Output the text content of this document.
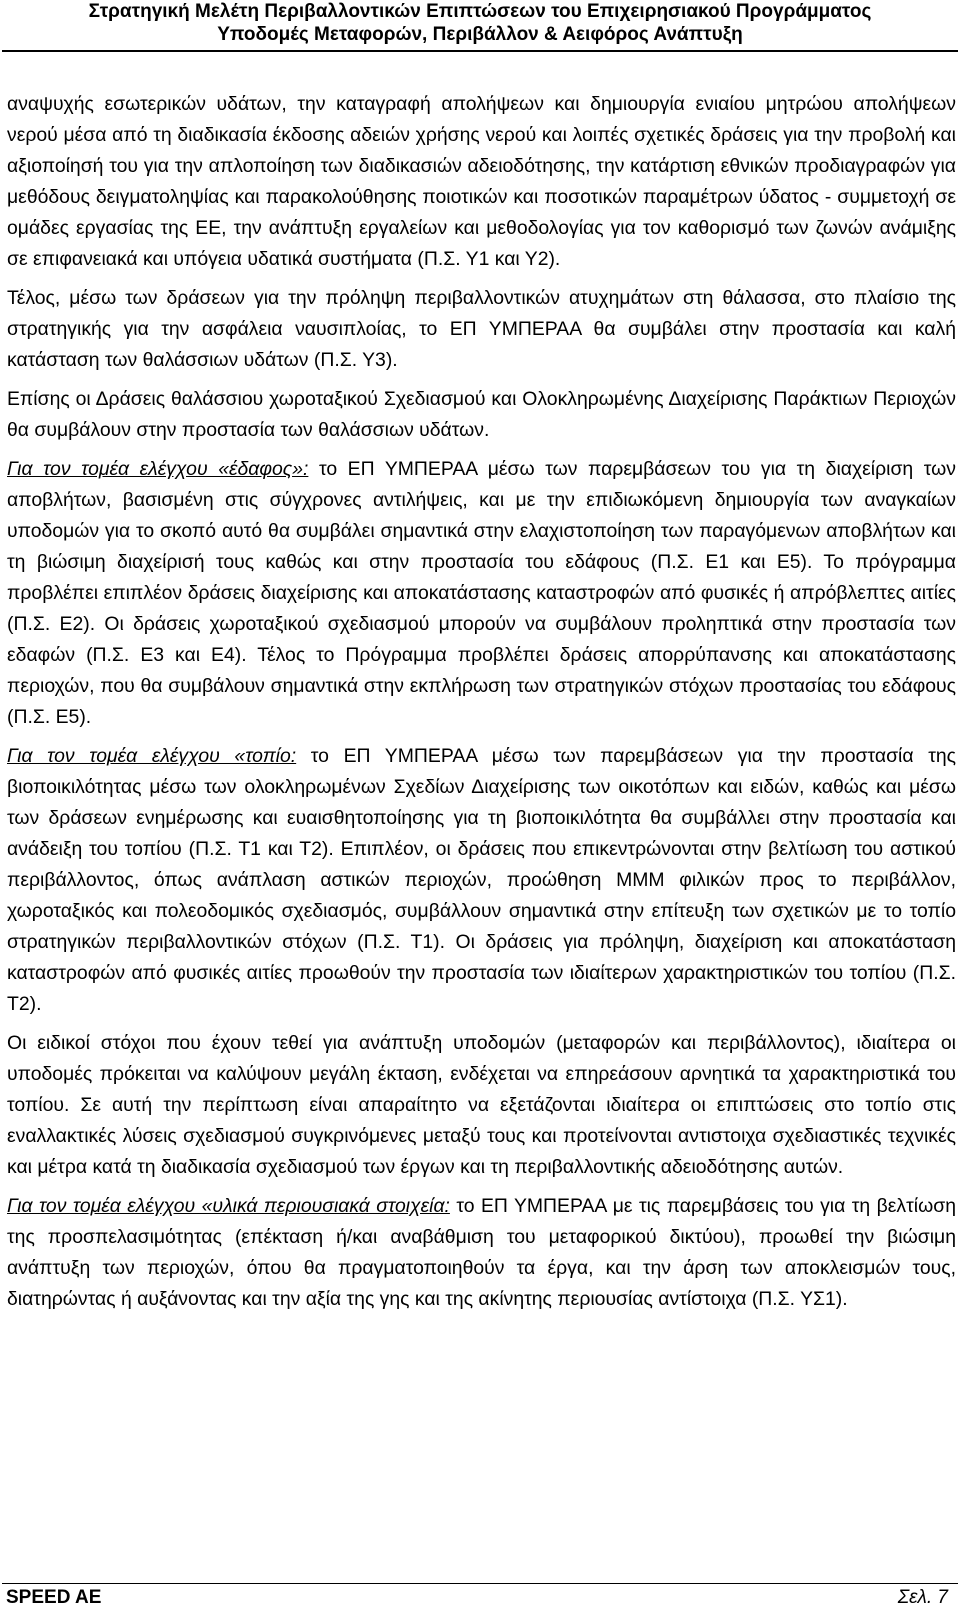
Στρατηγική Μελέτη Περιβαλλοντικών Επιπτώσεων του Επιχειρησιακού Προγράμματος
Υποδομές Μεταφορών, Περιβάλλον & Αειφόρος Ανάπτυξη

αναψυχής εσωτερικών υδάτων, την καταγραφή απολήψεων και δημιουργία ενιαίου μητρώου απολήψεων νερού μέσα από τη διαδικασία έκδοσης αδειών χρήσης νερού και λοιπές σχετικές δράσεις για την προβολή και αξιοποίησή του για την απλοποίηση των διαδικασιών αδειοδότησης, την κατάρτιση εθνικών προδιαγραφών για μεθόδους δειγματοληψίας και παρακολούθησης ποιοτικών και ποσοτικών παραμέτρων ύδατος - συμμετοχή σε ομάδες εργασίας της ΕΕ, την ανάπτυξη εργαλείων και μεθοδολογίας για τον καθορισμό των ζωνών ανάμιξης σε επιφανειακά και υπόγεια υδατικά συστήματα (Π.Σ. Υ1 και Υ2).

Τέλος, μέσω των δράσεων για την πρόληψη περιβαλλοντικών ατυχημάτων στη θάλασσα, στο πλαίσιο της στρατηγικής για την ασφάλεια ναυσιπλοίας, το ΕΠ ΥΜΠΕΡΑΑ θα συμβάλει στην προστασία και καλή κατάσταση των θαλάσσιων υδάτων (Π.Σ. Υ3).

Επίσης οι Δράσεις θαλάσσιου χωροταξικού Σχεδιασμού και Ολοκληρωμένης Διαχείρισης Παράκτιων Περιοχών θα συμβάλουν στην προστασία των θαλάσσιων υδάτων.

Για τον τομέα ελέγχου «έδαφος»: το ΕΠ ΥΜΠΕΡΑΑ μέσω των παρεμβάσεων του για τη διαχείριση των αποβλήτων, βασισμένη στις σύγχρονες αντιλήψεις, και με την επιδιωκόμενη δημιουργία των αναγκαίων υποδομών για το σκοπό αυτό θα συμβάλει σημαντικά στην ελαχιστοποίηση των παραγόμενων αποβλήτων και τη βιώσιμη διαχείρισή τους καθώς και στην προστασία του εδάφους (Π.Σ. Ε1 και Ε5). Το πρόγραμμα προβλέπει επιπλέον δράσεις διαχείρισης και αποκατάστασης καταστροφών από φυσικές ή απρόβλεπτες αιτίες (Π.Σ. Ε2). Οι δράσεις χωροταξικού σχεδιασμού μπορούν να συμβάλουν προληπτικά στην προστασία των εδαφών (Π.Σ. Ε3 και Ε4). Τέλος το Πρόγραμμα προβλέπει δράσεις απορρύπανσης και αποκατάστασης περιοχών, που θα συμβάλουν σημαντικά στην εκπλήρωση των στρατηγικών στόχων προστασίας του εδάφους (Π.Σ. Ε5).

Για τον τομέα ελέγχου «τοπίο: το ΕΠ ΥΜΠΕΡΑΑ μέσω των παρεμβάσεων για την προστασία της βιοποικιλότητας μέσω των ολοκληρωμένων Σχεδίων Διαχείρισης των οικοτόπων και ειδών, καθώς και μέσω των δράσεων ενημέρωσης και ευαισθητοποίησης για τη βιοποικιλότητα θα συμβάλλει στην προστασία και ανάδειξη του τοπίου (Π.Σ. Τ1 και Τ2). Επιπλέον, οι δράσεις που επικεντρώνονται στην βελτίωση του αστικού περιβάλλοντος, όπως ανάπλαση αστικών περιοχών, προώθηση ΜΜΜ φιλικών προς το περιβάλλον, χωροταξικός και πολεοδομικός σχεδιασμός, συμβάλλουν σημαντικά στην επίτευξη των σχετικών με το τοπίο στρατηγικών περιβαλλοντικών στόχων (Π.Σ. Τ1). Οι δράσεις για πρόληψη, διαχείριση και αποκατάσταση καταστροφών από φυσικές αιτίες προωθούν την προστασία των ιδιαίτερων χαρακτηριστικών του τοπίου (Π.Σ. Τ2).

Οι ειδικοί στόχοι που έχουν τεθεί για ανάπτυξη υποδομών (μεταφορών και περιβάλλοντος), ιδιαίτερα οι υποδομές πρόκειται να καλύψουν μεγάλη έκταση, ενδέχεται να επηρεάσουν αρνητικά τα χαρακτηριστικά του τοπίου. Σε αυτή την περίπτωση είναι απαραίτητο να εξετάζονται ιδιαίτερα οι επιπτώσεις στο τοπίο στις εναλλακτικές λύσεις σχεδιασμού συγκρινόμενες μεταξύ τους και προτείνονται αντιστοιχα σχεδιαστικές τεχνικές και μέτρα κατά τη διαδικασία σχεδιασμού των έργων και τη περιβαλλοντικής αδειοδότησης αυτών.

Για τον τομέα ελέγχου «υλικά περιουσιακά στοιχεία: το ΕΠ ΥΜΠΕΡΑΑ με τις παρεμβάσεις του για τη βελτίωση της προσπελασιμότητας (επέκταση ή/και αναβάθμιση του μεταφορικού δικτύου), προωθεί την βιώσιμη ανάπτυξη των περιοχών, όπου θα πραγματοποιηθούν τα έργα, και την άρση των αποκλεισμών τους, διατηρώντας ή αυξάνοντας και την αξία της γης και της ακίνητης περιουσίας αντίστοιχα (Π.Σ. ΥΣ1).

SPEED AE	Σελ. 7
